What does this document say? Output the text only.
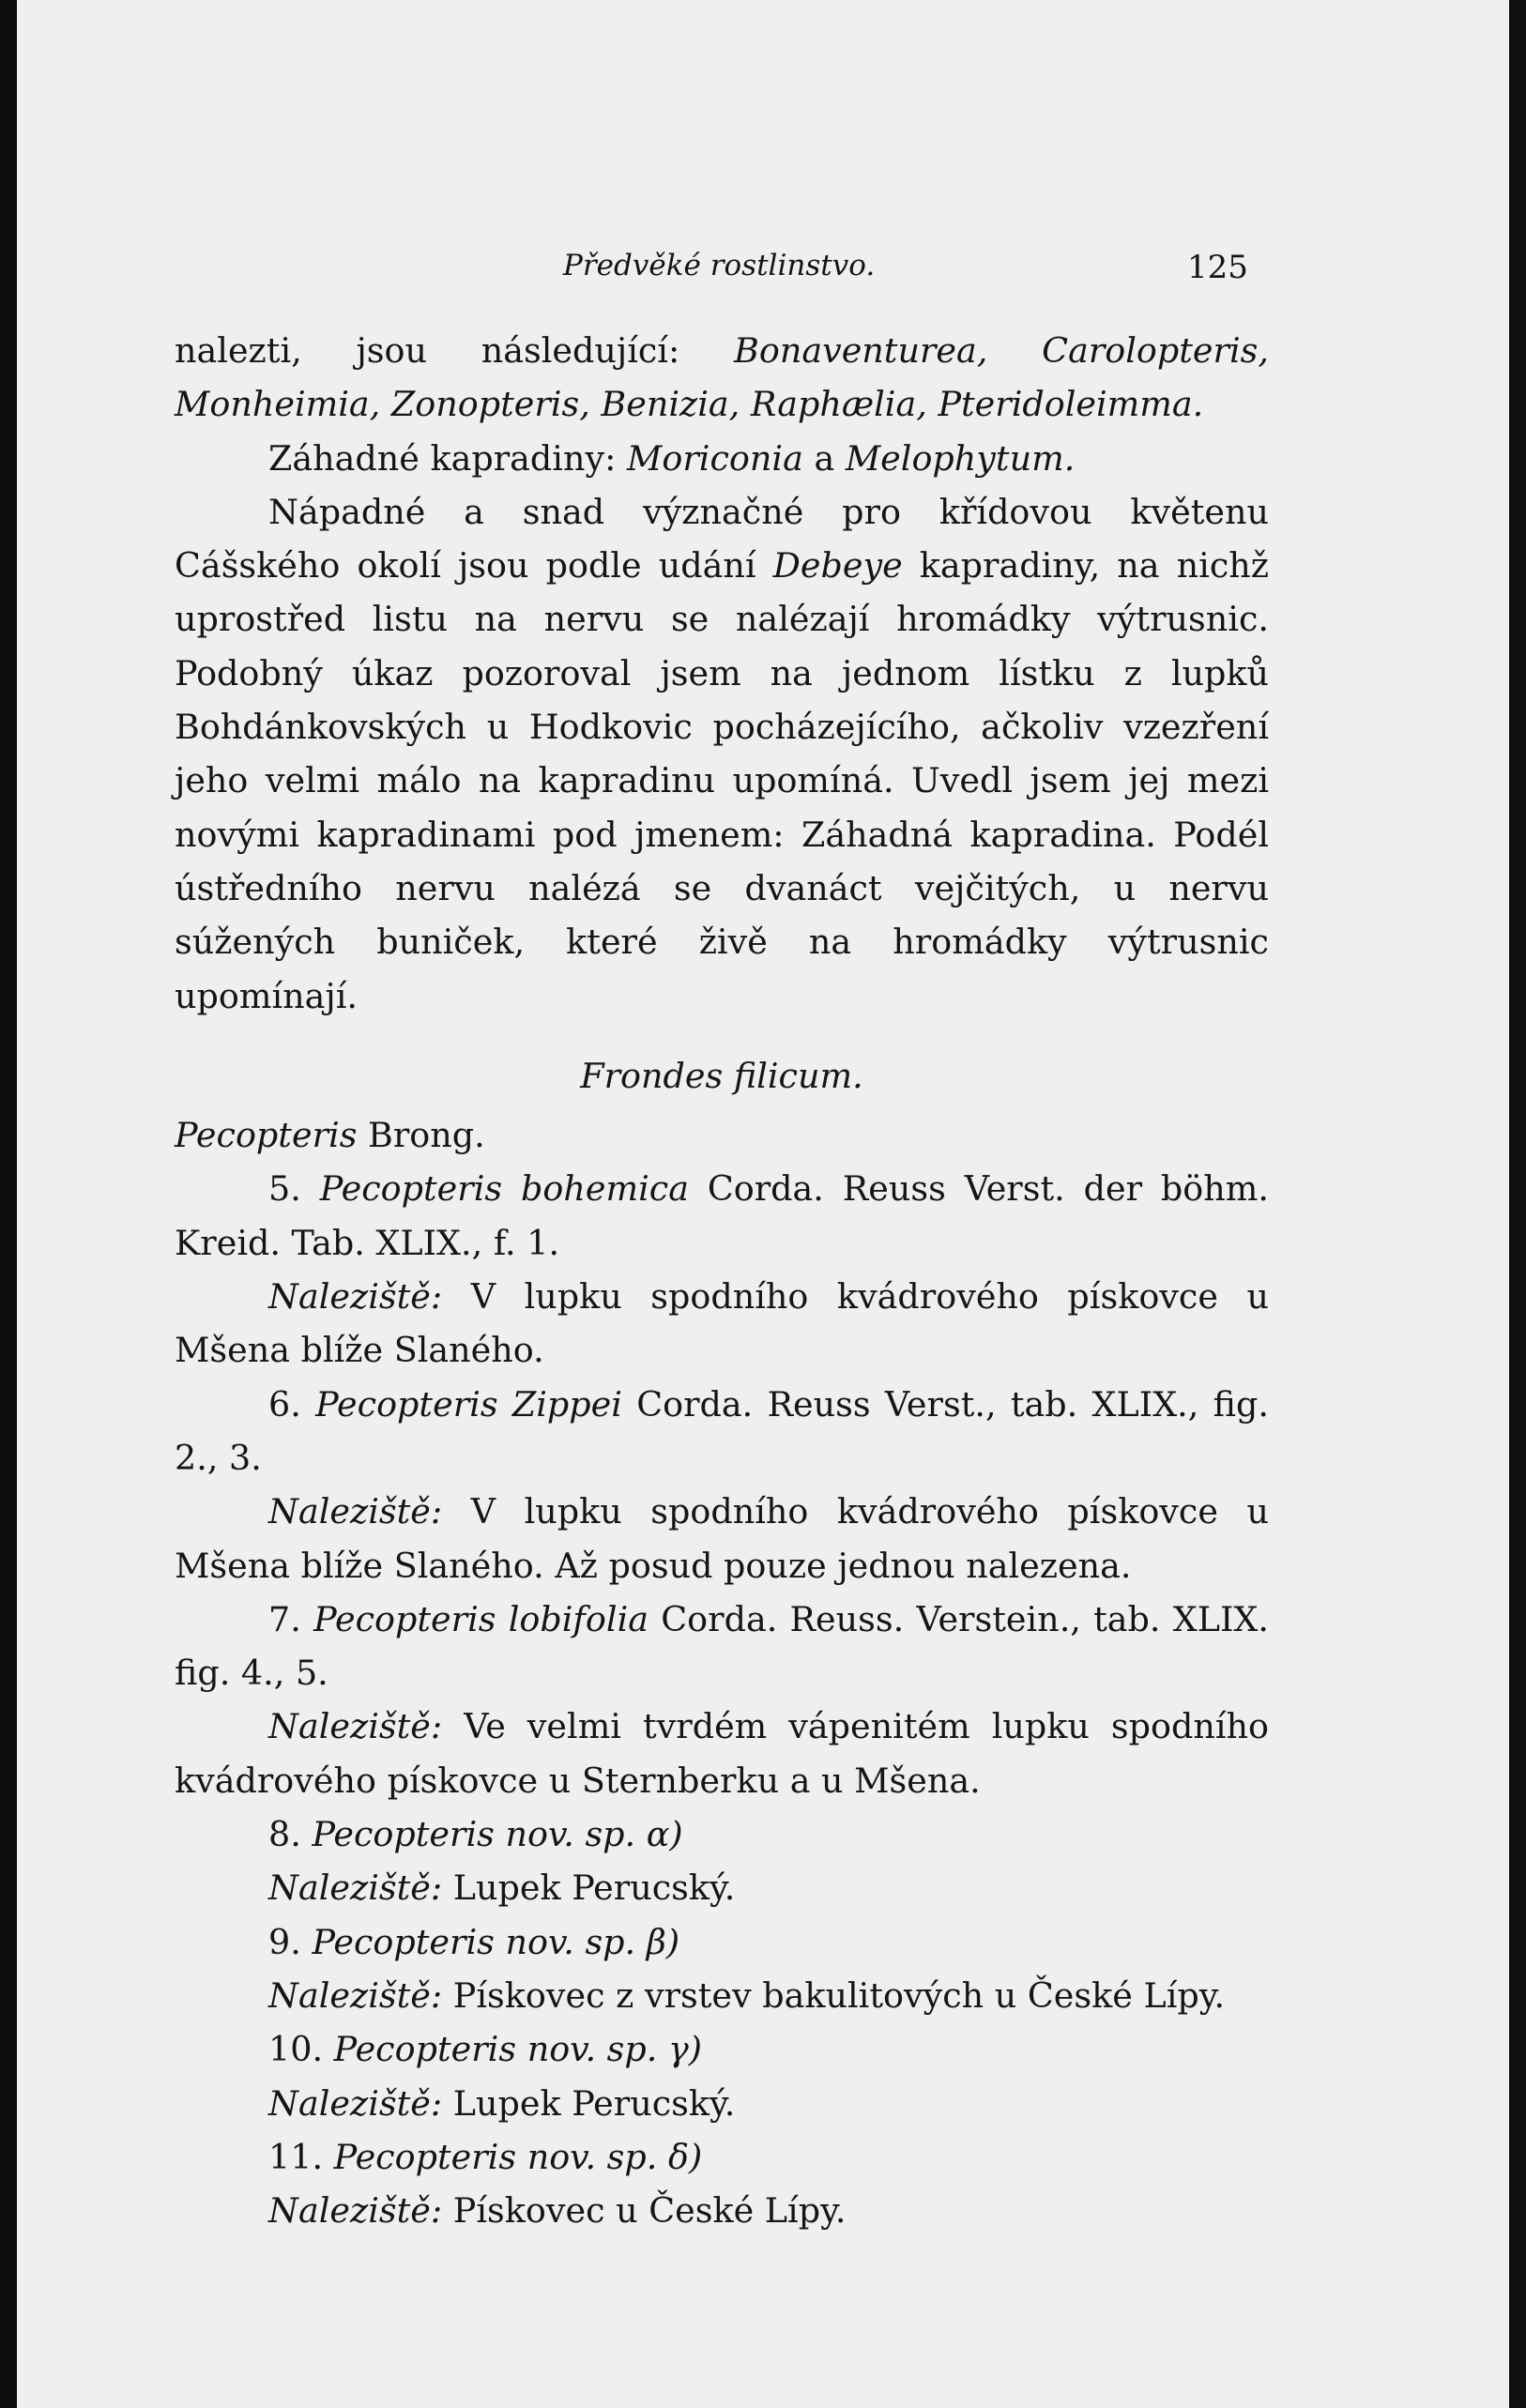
Předvěké rostlinstvo.	125

nalezti, jsou následující: Bonaventurea, Carolopteris, Monheimia, Zonopteris, Benizia, Raphælia, Pteridoleimma.

Záhadné kapradiny: Moriconia a Melophytum.

Nápadné a snad význačné pro křídovou květenu Cášského okolí jsou podle udání Debeye kapradiny, na nichž uprostřed listu na nervu se nalézají hromádky výtrusnic. Podobný úkaz pozoroval jsem na jednom lístku z lupků Bohdánkovských u Hodkovic pocházejícího, ačkoliv vzezření jeho velmi málo na kapradinu upomíná. Uvedl jsem jej mezi novými kapradinami pod jmenem: Záhadná kapradina. Podél ústředního nervu nalézá se dvanáct vejčitých, u nervu súžených buniček, které živě na hromádky výtrusnic upomínají.

Frondes filicum.

Pecopteris Brong.

5. Pecopteris bohemica Corda. Reuss Verst. der böhm. Kreid. Tab. XLIX., f. 1.

Naleziště: V lupku spodního kvádrového pískovce u Mšena blíže Slaného.

6. Pecopteris Zippei Corda. Reuss Verst., tab. XLIX., fig. 2., 3.

Naleziště: V lupku spodního kvádrového pískovce u Mšena blíže Slaného. Až posud pouze jednou nalezena.

7. Pecopteris lobifolia Corda. Reuss. Verstein., tab. XLIX. fig. 4., 5.

Naleziště: Ve velmi tvrdém vápenitém lupku spodního kvádrového pískovce u Sternberku a u Mšena.

8. Pecopteris nov. sp. α)

Naleziště: Lupek Perucský.

9. Pecopteris nov. sp. β)

Naleziště: Pískovec z vrstev bakulitových u České Lípy.

10. Pecopteris nov. sp. γ)

Naleziště: Lupek Perucský.

11. Pecopteris nov. sp. δ)

Naleziště: Pískovec u České Lípy.
